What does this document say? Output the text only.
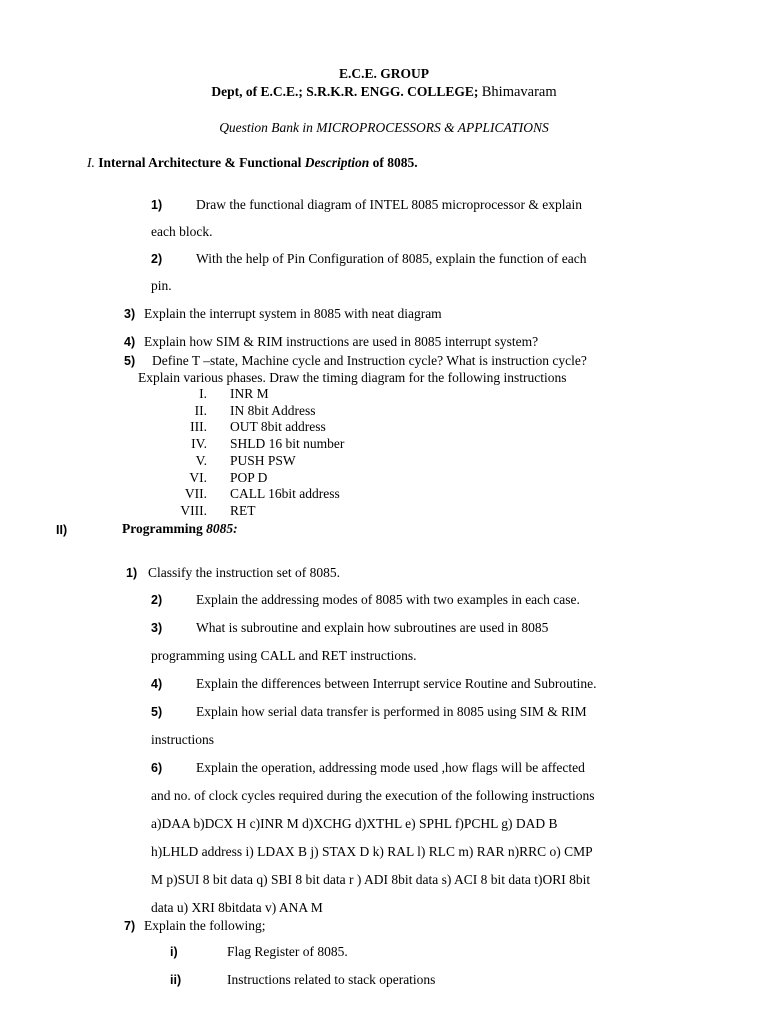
E.C.E. GROUP
Dept, of E.C.E.; S.R.K.R. ENGG. COLLEGE; Bhimavaram
Question Bank in MICROPROCESSORS & APPLICATIONS
I. Internal Architecture & Functional Description of 8085.
1)	Draw the functional diagram of INTEL 8085 microprocessor & explain
each block.
2)	With the help of Pin Configuration of 8085, explain the function of each
pin.
3) Explain the interrupt system in 8085 with neat diagram
4) Explain how SIM & RIM instructions are used in 8085 interrupt system?
5) Define T –state, Machine cycle and Instruction cycle? What is instruction cycle?
Explain various phases. Draw the timing diagram for the following instructions
I. INR M
II. IN 8bit Address
III. OUT 8bit address
IV. SHLD 16 bit number
V. PUSH PSW
VI. POP D
VII. CALL 16bit address
VIII. RET
II)	Programming 8085:
1) Classify the instruction set of 8085.
2)	Explain the addressing modes of 8085 with two examples in each case.
3)	What is subroutine and explain how subroutines are used in 8085
programming using CALL and RET instructions.
4)	Explain the differences between Interrupt service Routine and Subroutine.
5)	Explain how serial data transfer is performed in 8085 using SIM & RIM
instructions
6)	Explain the operation, addressing mode used ,how flags will be affected
and no. of clock cycles required during the execution of the following instructions
a)DAA b)DCX H c)INR M d)XCHG d)XTHL e) SPHL f)PCHL g) DAD B
h)LHLD address i) LDAX B j) STAX D k) RAL l) RLC m) RAR n)RRC o) CMP
M p)SUI 8 bit data q) SBI 8 bit data r ) ADI 8bit data s) ACI 8 bit data t)ORI 8bit
data u) XRI 8bitdata v) ANA M
7) Explain the following;
i)	Flag Register of 8085.
ii)	Instructions related to stack operations
